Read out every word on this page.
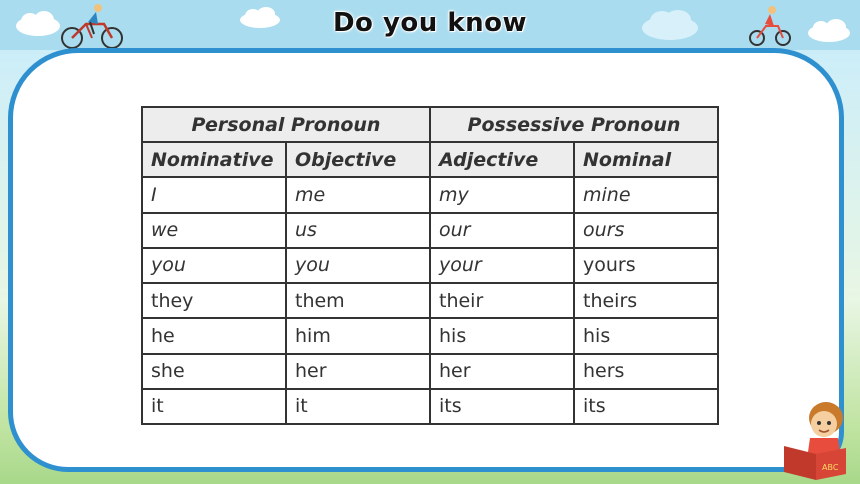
Do you know
Personal Pronoun		Possessive Pronoun	
Nominative	Objective	Adjective	Nominal
I	me	my	mine
we	us	our	ours
you	you	your	yours
they	them	their	theirs
he	him	his	his
she	her	her	hers
it	it	its	its
ABC
